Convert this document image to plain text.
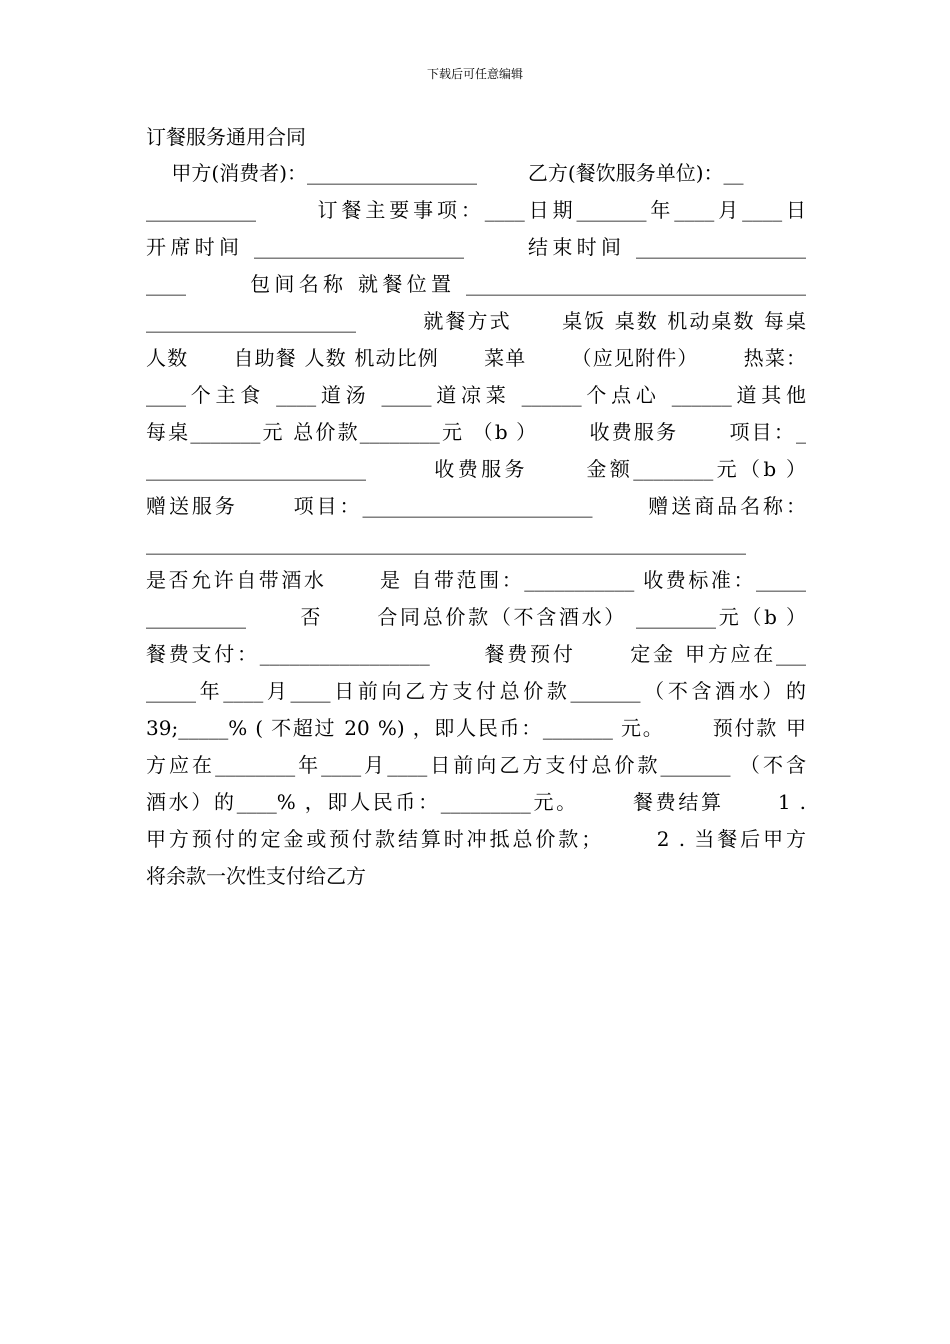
下载后可任意编辑
订餐服务通用合同
甲方(消费者)：_________________        乙方(餐饮服务单位)：__
___________      订餐主要事项：____日期_______年____月____日
开席时间 _____________________      结束时间 _________________
____      包间名称 就餐位置 __________________________________
_____________________        就餐方式      桌饭 桌数 机动桌数 每桌
人数      自助餐 人数 机动比例      菜单      （应见附件）      热菜：
____个主食 ____道汤 _____道凉菜 ______个点心 ______道其他
每桌_______元 总价款________元 （b ）      收费服务      项目：_
______________________       收费服务      金额________元（b ）
赠送服务      项目：_______________________      赠送商品名称：
____________________________________________________________
是否允许自带酒水      是 自带范围：___________ 收费标准：_____
__________      否      合同总价款（不含酒水） ________元（b ）
餐费支付：_________________      餐费预付      定金 甲方应在___
_____年____月____日前向乙方支付总价款_______（不含酒水）的
39;_____% ( 不超过 20 %) ，即人民币：_______ 元。      预付款 甲
方应在________年____月____日前向乙方支付总价款_______ （不含
酒水）的____% ，即人民币：_________元。      餐费结算      1 .
甲方预付的定金或预付款结算时冲抵总价款；      2 . 当餐后甲方
将余款一次性支付给乙方
